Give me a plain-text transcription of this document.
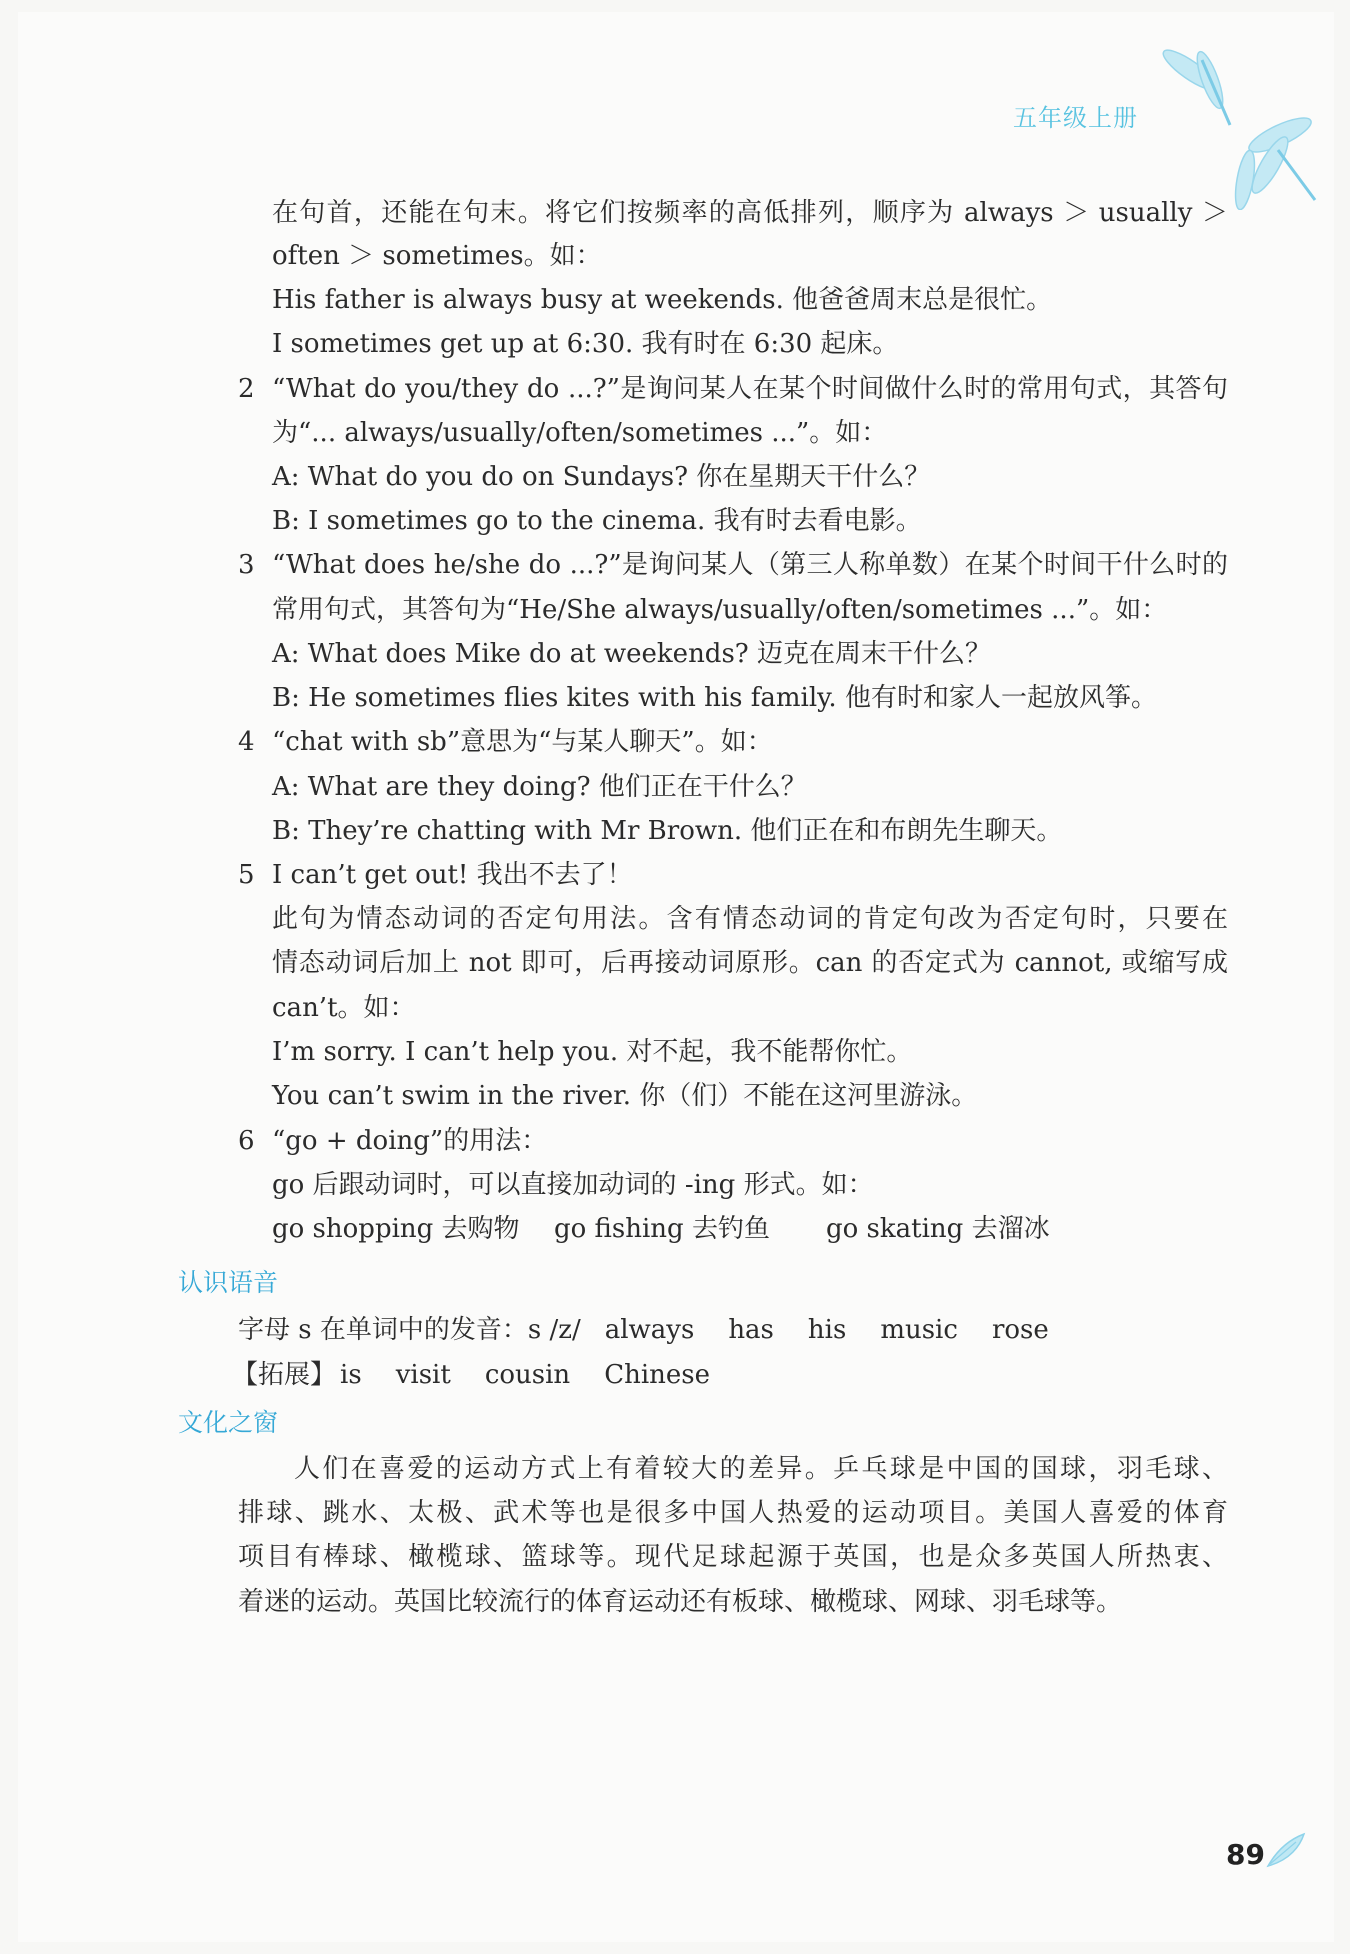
五年级上册
在句首，还能在句末。将它们按频率的高低排列，顺序为 always ＞ usually ＞
often ＞ sometimes。如：
His father is always busy at weekends. 他爸爸周末总是很忙。
I sometimes get up at 6:30. 我有时在 6:30 起床。
2 “What do you/they do ...?”是询问某人在某个时间做什么时的常用句式，其答句
为“... always/usually/often/sometimes ...”。如：
A: What do you do on Sundays? 你在星期天干什么？
B: I sometimes go to the cinema. 我有时去看电影。
3 “What does he/she do ...?”是询问某人（第三人称单数）在某个时间干什么时的
常用句式，其答句为“He/She always/usually/often/sometimes ...”。如：
A: What does Mike do at weekends? 迈克在周末干什么？
B: He sometimes flies kites with his family. 他有时和家人一起放风筝。
4 “chat with sb”意思为“与某人聊天”。如：
A: What are they doing? 他们正在干什么？
B: They’re chatting with Mr Brown. 他们正在和布朗先生聊天。
5 I can’t get out! 我出不去了！
此句为情态动词的否定句用法。含有情态动词的肯定句改为否定句时，只要在
情态动词后加上 not 即可，后再接动词原形。can 的否定式为 cannot, 或缩写成
can’t。如：
I’m sorry. I can’t help you. 对不起，我不能帮你忙。
You can’t swim in the river. 你（们）不能在这河里游泳。
6 “go + doing”的用法：
go 后跟动词时，可以直接加动词的 -ing 形式。如：
go shopping 去购物 go fishing 去钓鱼 go skating 去溜冰
认识语音
字母 s 在单词中的发音：s /z/ always has his music rose
【拓展】 is visit cousin Chinese
文化之窗
人们在喜爱的运动方式上有着较大的差异。乒乓球是中国的国球，羽毛球、
排球、跳水、太极、武术等也是很多中国人热爱的运动项目。美国人喜爱的体育
项目有棒球、橄榄球、篮球等。现代足球起源于英国，也是众多英国人所热衷、
着迷的运动。英国比较流行的体育运动还有板球、橄榄球、网球、羽毛球等。
89
